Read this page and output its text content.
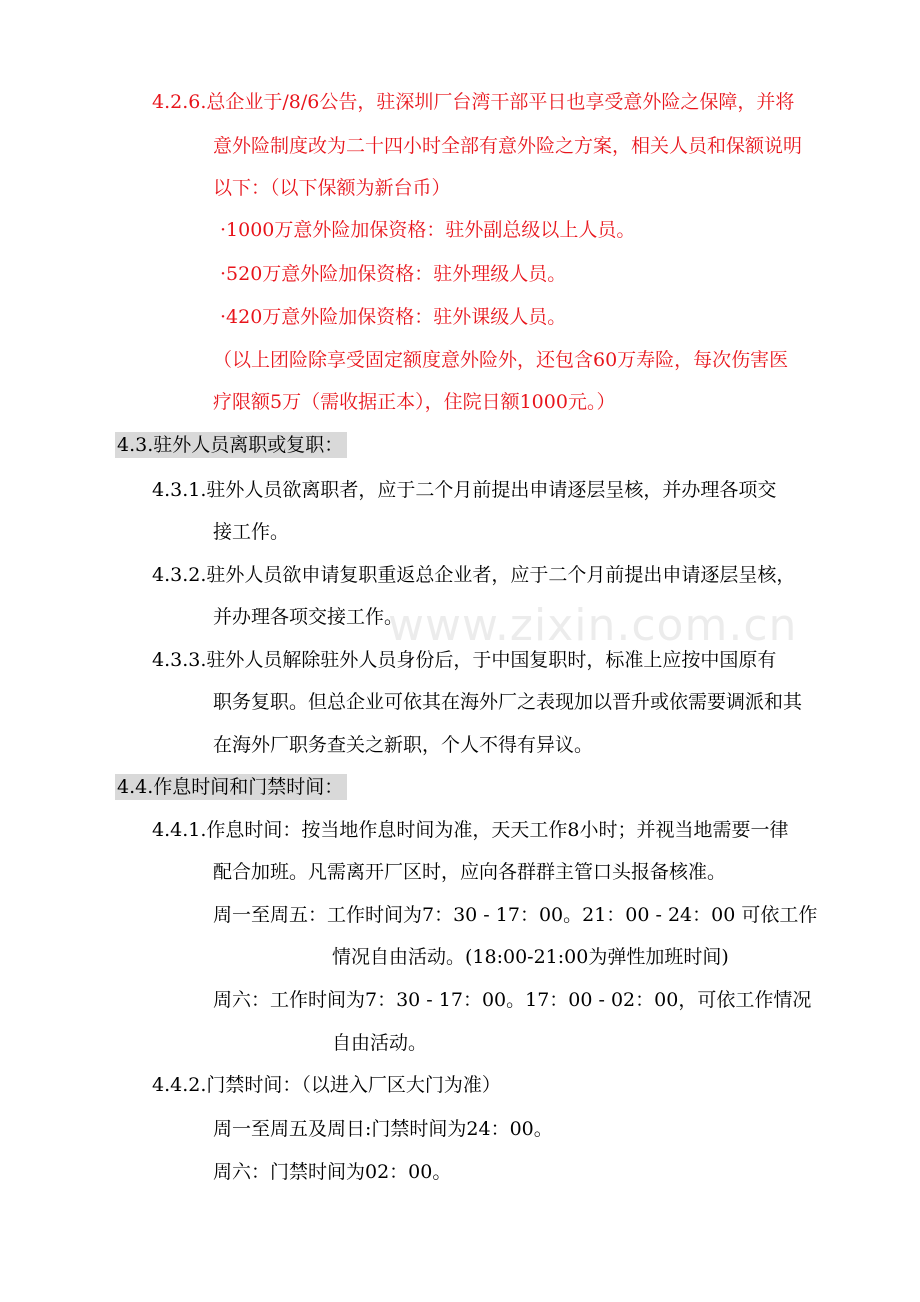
www.zixin.com.cn
4.2.6.总企业于/8/6公告，驻深圳厂台湾干部平日也享受意外险之保障，并将
意外险制度改为二十四小时全部有意外险之方案，相关人员和保额说明
以下：（以下保额为新台币）
·1000万意外险加保资格：驻外副总级以上人员。
·520万意外险加保资格：驻外理级人员。
·420万意外险加保资格：驻外课级人员。
（以上团险除享受固定额度意外险外，还包含60万寿险，每次伤害医
疗限额5万（需收据正本），住院日额1000元。）
4.3.驻外人员离职或复职：
4.3.1.驻外人员欲离职者，应于二个月前提出申请逐层呈核，并办理各项交
接工作。
4.3.2.驻外人员欲申请复职重返总企业者，应于二个月前提出申请逐层呈核，
并办理各项交接工作。
4.3.3.驻外人员解除驻外人员身份后，于中国复职时，标准上应按中国原有
职务复职。但总企业可依其在海外厂之表现加以晋升或依需要调派和其
在海外厂职务查关之新职，个人不得有异议。
4.4.作息时间和门禁时间：
4.4.1.作息时间：按当地作息时间为准，天天工作8小时；并视当地需要一律
配合加班。凡需离开厂区时，应向各群群主管口头报备核准。
周一至周五：工作时间为7：30 - 17：00。21：00 - 24：00 可依工作
情况自由活动。(18:00-21:00为弹性加班时间)
周六：工作时间为7：30 - 17：00。17：00 - 02：00，可依工作情况
自由活动。
4.4.2.门禁时间：（以进入厂区大门为准）
周一至周五及周日:门禁时间为24：00。
周六：门禁时间为02：00。
